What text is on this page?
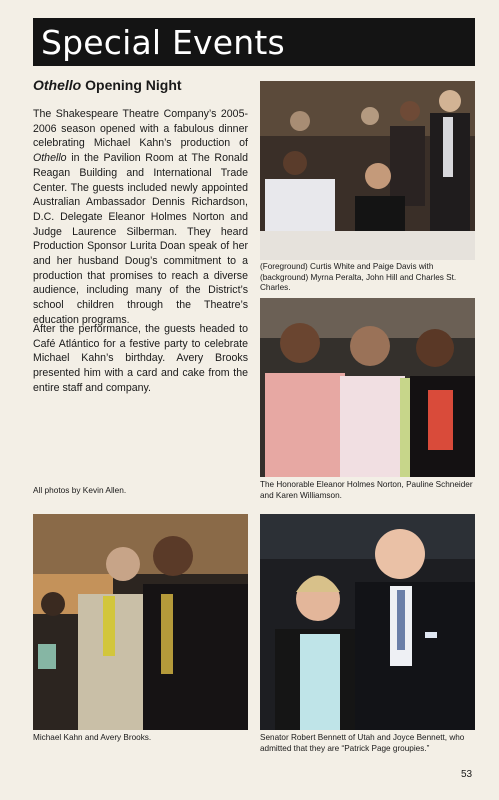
Special Events
Othello Opening Night
The Shakespeare Theatre Company’s 2005-2006 season opened with a fabulous dinner celebrating Michael Kahn’s production of Othello in the Pavilion Room at The Ronald Reagan Building and International Trade Center. The guests included newly appointed Australian Ambassador Dennis Richardson, D.C. Delegate Eleanor Holmes Norton and Judge Laurence Silberman. They heard Production Sponsor Lurita Doan speak of her and her husband Doug’s commitment to a production that promises to reach a diverse audience, including many of the District’s school children through the Theatre’s education programs.
After the performance, the guests headed to Café Atlántico for a festive party to celebrate Michael Kahn’s birthday. Avery Brooks presented him with a card and cake from the entire staff and company.
All photos by Kevin Allen.
(Foreground) Curtis White and Paige Davis with (background) Myrna Peralta, John Hill and Charles St. Charles.
The Honorable Eleanor Holmes Norton, Pauline Schneider and Karen Williamson.
Michael Kahn and Avery Brooks.	Senator Robert Bennett of Utah and Joyce Bennett, who admitted that they are “Patrick Page groupies.”
53
